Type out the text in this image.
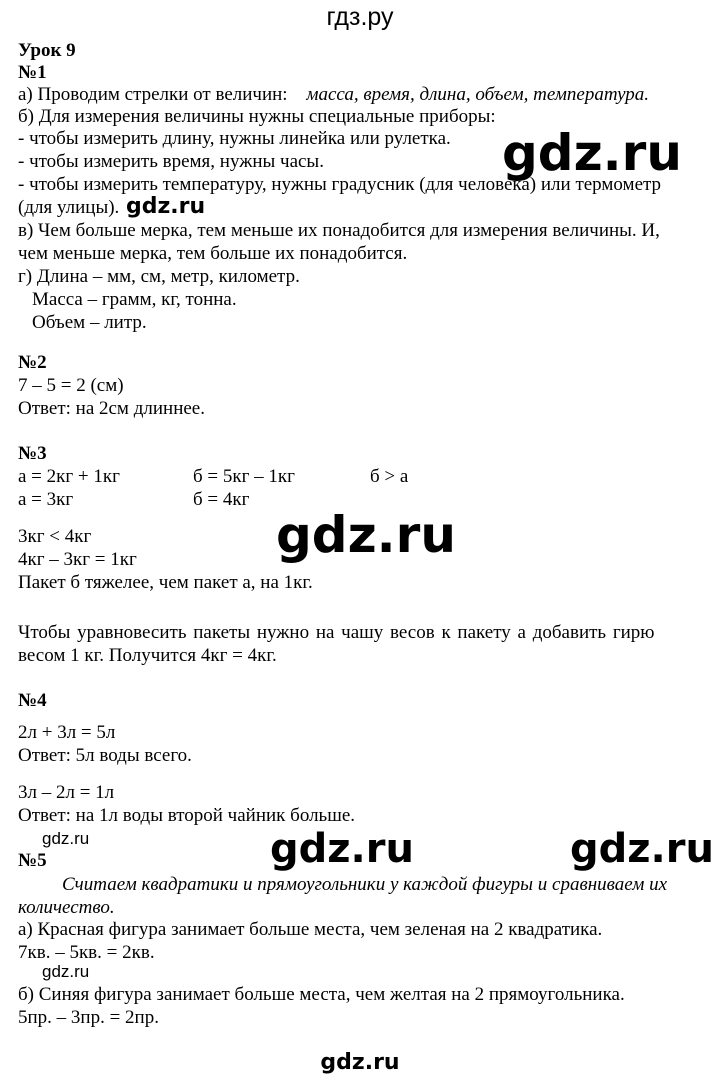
гдз.ру
Урок 9
№1
а) Проводим стрелки от величин: масса, время, длина, объем, температура.
б) Для измерения величины нужны специальные приборы:
- чтобы измерить длину, нужны линейка или рулетка.
- чтобы измерить время, нужны часы.
- чтобы измерить температуру, нужны градусник (для человека) или термометр
(для улицы).
в) Чем больше мерка, тем меньше их понадобится для измерения величины. И,
чем меньше мерка, тем больше их понадобится.
г) Длина – мм, см, метр, километр.
Масса – грамм, кг, тонна.
Объем – литр.
№2
7 – 5 = 2 (см)
Ответ: на 2см длиннее.
№3
а = 2кг + 1кг	б = 5кг – 1кг	б > а
а = 3кг	б = 4кг
3кг < 4кг
4кг – 3кг = 1кг
Пакет б тяжелее, чем пакет а, на 1кг.
Чтобы уравновесить пакеты нужно на чашу весов к пакету а добавить гирю
весом 1 кг. Получится 4кг = 4кг.
№4
2л + 3л = 5л
Ответ: 5л воды всего.
3л – 2л = 1л
Ответ: на 1л воды второй чайник больше.
№5
Считаем квадратики и прямоугольники у каждой фигуры и сравниваем их
количество.
а) Красная фигура занимает больше места, чем зеленая на 2 квадратика.
7кв. – 5кв. = 2кв.
б) Синяя фигура занимает больше места, чем желтая на 2 прямоугольника.
5пр. – 3пр. = 2пр.
gdz.ru
gdz.ru
gdz.ru
gdz.ru	gdz.ru	gdz.ru
gdz.ru
gdz.ru
